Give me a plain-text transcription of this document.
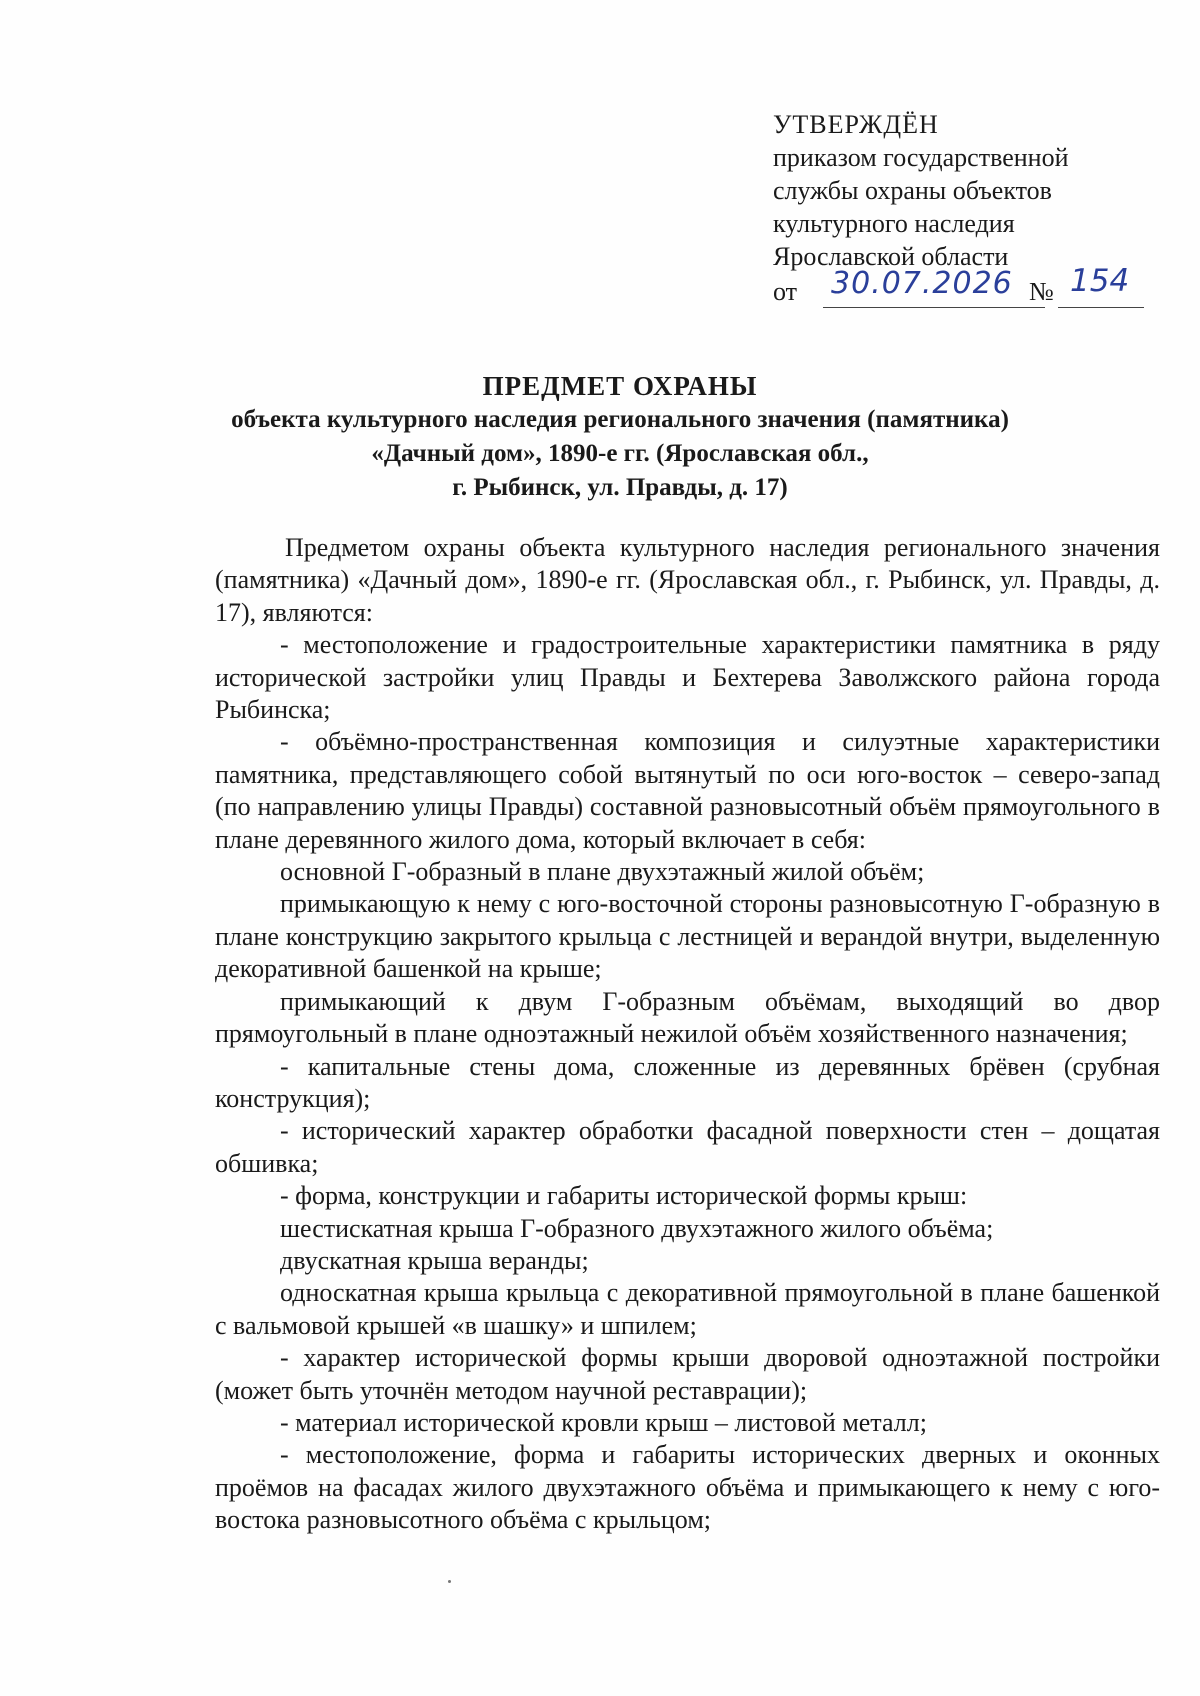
УТВЕРЖДЁН
приказом государственной
службы охраны объектов
культурного наследия
Ярославской области
от 30.07.2026 № 154
ПРЕДМЕТ ОХРАНЫ
объекта культурного наследия регионального значения (памятника)
«Дачный дом», 1890-е гг. (Ярославская обл.,
г. Рыбинск, ул. Правды, д. 17)

Предметом охраны объекта культурного наследия регионального значения (памятника) «Дачный дом», 1890-е гг. (Ярославская обл., г. Рыбинск, ул. Правды, д. 17), являются:

- местоположение и градостроительные характеристики памятника в ряду исторической застройки улиц Правды и Бехтерева Заволжского района города Рыбинска;

- объёмно-пространственная композиция и силуэтные характеристики памятника, представляющего собой вытянутый по оси юго-восток – северо-запад (по направлению улицы Правды) составной разновысотный объём прямоугольного в плане деревянного жилого дома, который включает в себя:

основной Г-образный в плане двухэтажный жилой объём;

примыкающую к нему с юго-восточной стороны разновысотную Г-образную в плане конструкцию закрытого крыльца с лестницей и верандой внутри, выделенную декоративной башенкой на крыше;

примыкающий к двум Г-образным объёмам, выходящий во двор прямоугольный в плане одноэтажный нежилой объём хозяйственного назначения;

- капитальные стены дома, сложенные из деревянных брёвен (срубная конструкция);

- исторический характер обработки фасадной поверхности стен – дощатая обшивка;

- форма, конструкции и габариты исторической формы крыш:

шестискатная крыша Г-образного двухэтажного жилого объёма;

двускатная крыша веранды;

односкатная крыша крыльца с декоративной прямоугольной в плане башенкой с вальмовой крышей «в шашку» и шпилем;

- характер исторической формы крыши дворовой одноэтажной постройки (может быть уточнён методом научной реставрации);

- материал исторической кровли крыш – листовой металл;

- местоположение, форма и габариты исторических дверных и оконных проёмов на фасадах жилого двухэтажного объёма и примыкающего к нему с юго-востока разновысотного объёма с крыльцом;
